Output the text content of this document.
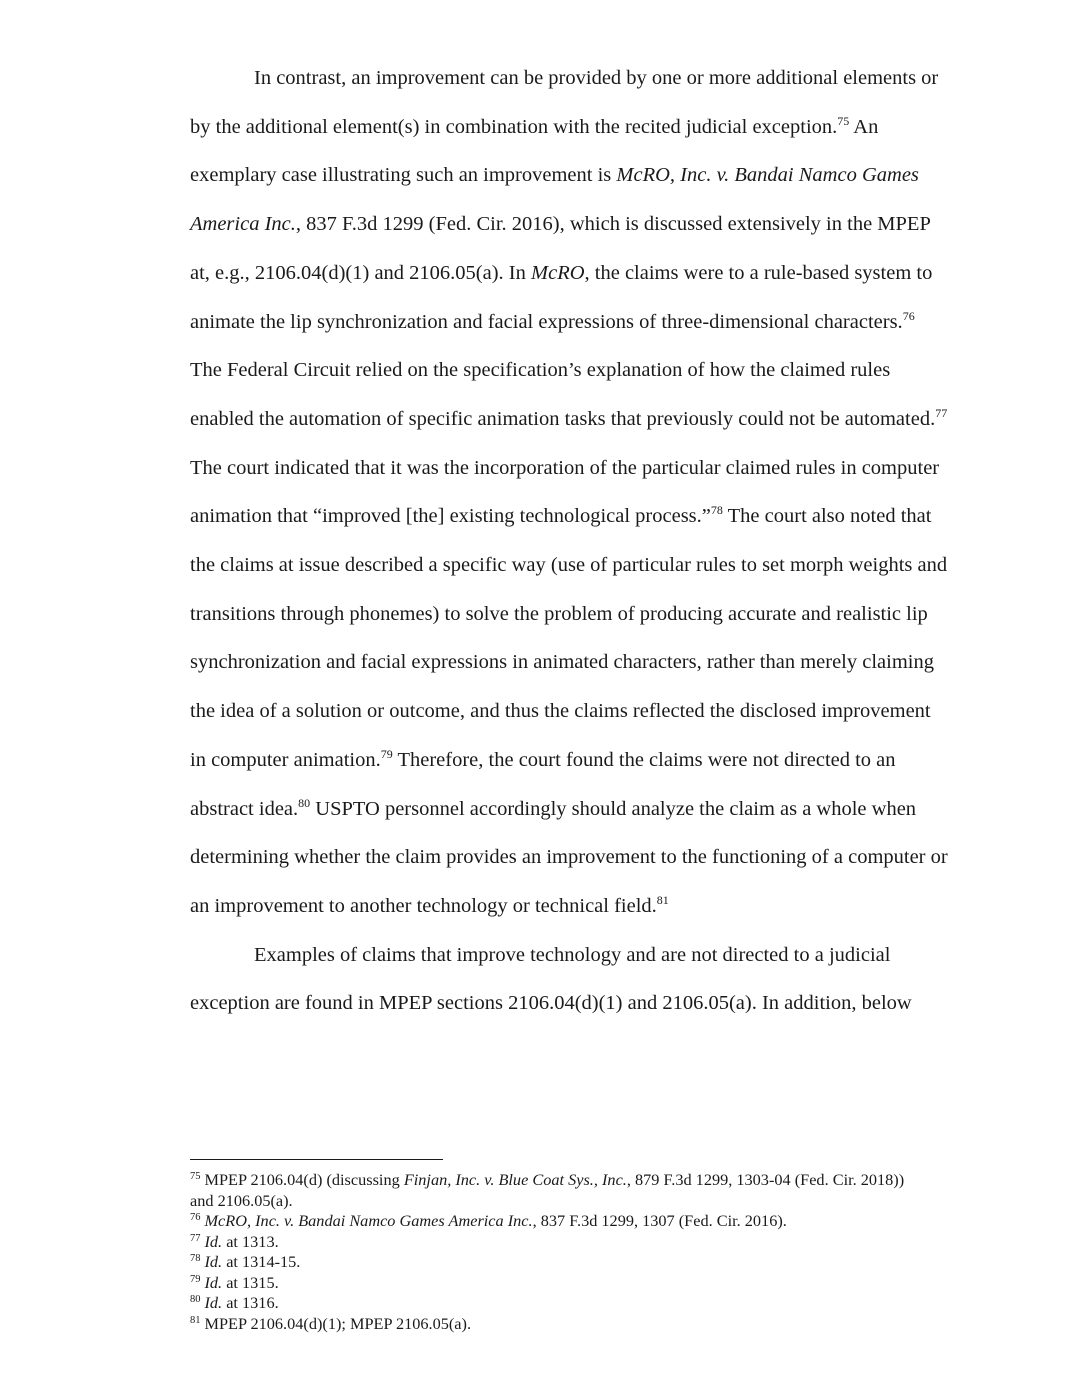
In contrast, an improvement can be provided by one or more additional elements or by the additional element(s) in combination with the recited judicial exception.$^{75}$ An exemplary case illustrating such an improvement is McRO, Inc. v. Bandai Namco Games America Inc., 837 F.3d 1299 (Fed. Cir. 2016), which is discussed extensively in the MPEP at, e.g., 2106.04(d)(1) and 2106.05(a). In McRO, the claims were to a rule-based system to animate the lip synchronization and facial expressions of three-dimensional characters.$^{76}$ The Federal Circuit relied on the specification’s explanation of how the claimed rules enabled the automation of specific animation tasks that previously could not be automated.$^{77}$ The court indicated that it was the incorporation of the particular claimed rules in computer animation that “improved [the] existing technological process.”$^{78}$ The court also noted that the claims at issue described a specific way (use of particular rules to set morph weights and transitions through phonemes) to solve the problem of producing accurate and realistic lip synchronization and facial expressions in animated characters, rather than merely claiming the idea of a solution or outcome, and thus the claims reflected the disclosed improvement in computer animation.$^{79}$ Therefore, the court found the claims were not directed to an abstract idea.$^{80}$ USPTO personnel accordingly should analyze the claim as a whole when determining whether the claim provides an improvement to the functioning of a computer or an improvement to another technology or technical field.$^{81}$

Examples of claims that improve technology and are not directed to a judicial exception are found in MPEP sections 2106.04(d)(1) and 2106.05(a). In addition, below

$^{75}$ MPEP 2106.04(d) (discussing Finjan, Inc. v. Blue Coat Sys., Inc., 879 F.3d 1299, 1303-04 (Fed. Cir. 2018)) and 2106.05(a).

$^{76}$ McRO, Inc. v. Bandai Namco Games America Inc., 837 F.3d 1299, 1307 (Fed. Cir. 2016).

$^{77}$ Id. at 1313.

$^{78}$ Id. at 1314-15.

$^{79}$ Id. at 1315.

$^{80}$ Id. at 1316.

$^{81}$ MPEP 2106.04(d)(1); MPEP 2106.05(a).
